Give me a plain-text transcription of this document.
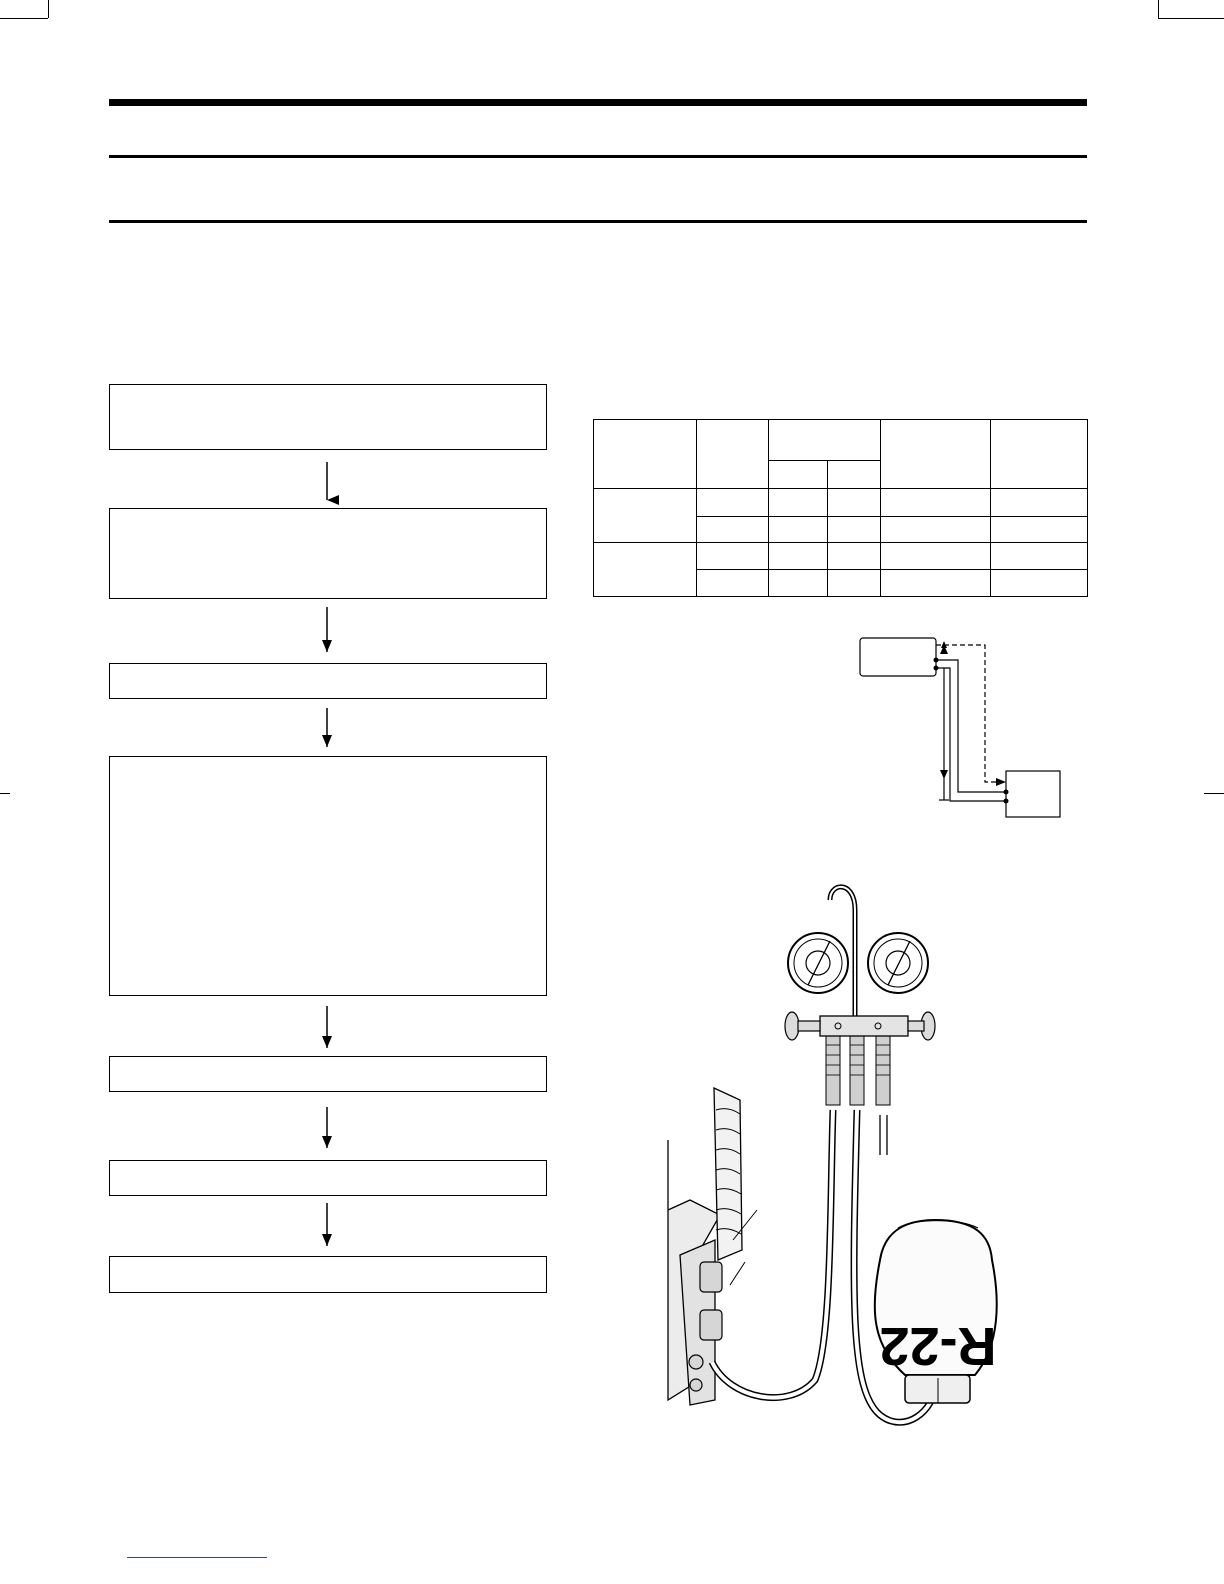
R-22
